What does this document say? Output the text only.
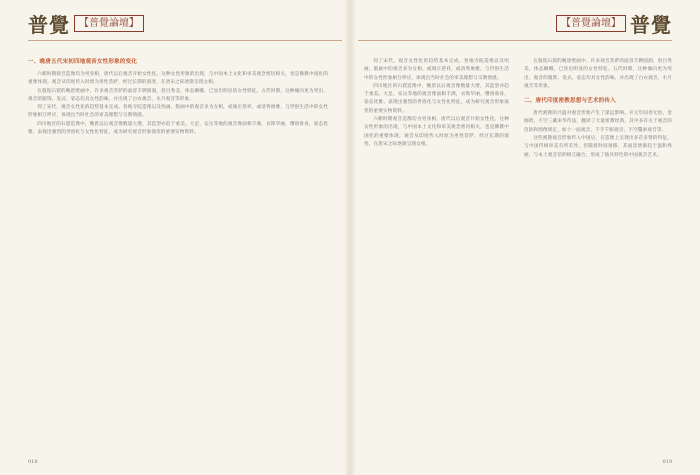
普覺 【普覺論壇】

一、晚唐五代宋初四地观音女性形象的变化

六朝时期观音造像均为男身相，唐代以后观音开始女性化。这种女性形象的出现，与中国本土文化和审美观念密切相关，也是佛教中国化的重要体现。观音从印度传入时原为男性菩萨，经过长期的演变，在唐宋之际逐渐呈现女相。

在敦煌石窟的晚唐壁画中，许多观音菩萨的面容丰腴圆润，眉目秀美，体态婀娜，已显出明显的女性特征。五代时期，这种倾向更为突出，观音的服饰、发式、姿态均具女性韵味，并出现了白衣观音、水月观音等形象。

到了宋代，观音女性化的趋势基本完成。各地寺院造像以及绢画、版画中的观音多为女相，或端庄慈祥，或清秀俊雅，与世俗生活中的女性形象相互呼应，体现出当时社会的审美理想与宗教情感。

四川地区的石窟造像中，晚唐以后观音像数量大增，其造型亦趋于柔美。大足、安岳等地的观音像面相丰满，衣饰华丽，璎珞垂身，姿态优雅，表现出强烈的世俗化与女性化特征，成为研究观音形象演变的重要实物资料。

018
【普覺論壇】 普覺

到了宋代，观音女性化的趋势基本完成。各地寺院造像以及绢画、版画中的观音多为女相，或端庄慈祥，或清秀俊雅，与世俗生活中的女性形象相互呼应，体现出当时社会的审美理想与宗教情感。

四川地区的石窟造像中，晚唐以后观音像数量大增，其造型亦趋于柔美。大足、安岳等地的观音像面相丰满，衣饰华丽，璎珞垂身，姿态优雅，表现出强烈的世俗化与女性化特征，成为研究观音形象演变的重要实物资料。

六朝时期观音造像均为男身相，唐代以后观音开始女性化。这种女性形象的出现，与中国本土文化和审美观念密切相关，也是佛教中国化的重要体现。观音从印度传入时原为男性菩萨，经过长期的演变，在唐宋之际逐渐呈现女相。

在敦煌石窟的晚唐壁画中，许多观音菩萨的面容丰腴圆润，眉目秀美，体态婀娜，已显出明显的女性特征。五代时期，这种倾向更为突出，观音的服饰、发式、姿态均具女性韵味，并出现了白衣观音、水月观音等形象。

二、唐代印度密教思想与艺术的传入

唐代密教的兴盛对观音形象产生了深远影响。开元年间善无畏、金刚智、不空三藏来华传法，翻译了大量密教经典，其中多有关于观音的仪轨和图像规定，如十一面观音、千手千眼观音、不空羂索观音等。

这些密教观音形象传入中国后，在造像上呈现出多首多臂的特征，与中国传统审美有所差异，但随着时间推移，其面容逐渐趋于温和秀丽，与本土观音信仰相互融合，形成了独具特色的中国观音艺术。

019
